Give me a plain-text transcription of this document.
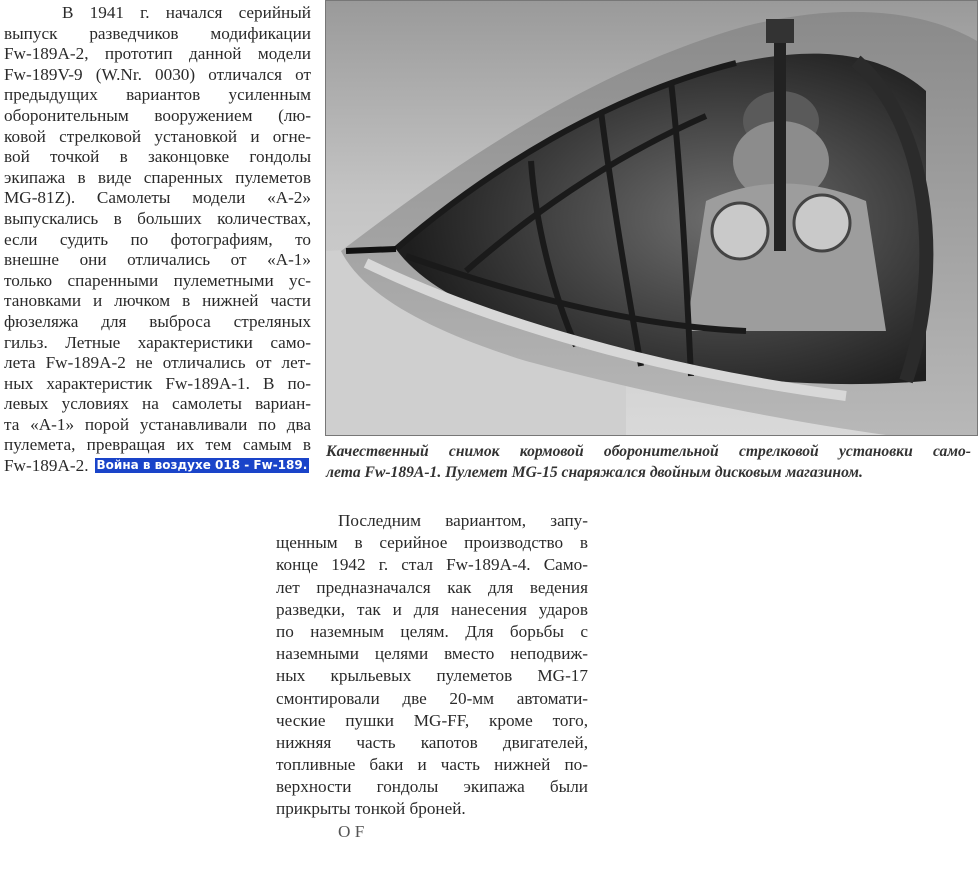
В 1941 г. начался серийный
выпуск разведчиков модификации
Fw-189А-2, прототип данной модели
Fw-189V-9 (W.Nr. 0030) отличался от
предыдущих вариантов усиленным
оборонительным вооружением (лю-
ковой стрелковой установкой и огне-
вой точкой в законцовке гондолы
экипажа в виде спаренных пулеметов
MG-81Z). Самолеты модели «А-2»
выпускались в больших количествах,
если судить по фотографиям, то
внешне они отличались от «А-1»
только спаренными пулеметными ус-
тановками и лючком в нижней части
фюзеляжа для выброса стреляных
гильз. Летные характеристики само-
лета Fw-189А-2 не отличались от лет-
ных характеристик Fw-189А-1. В по-
левых условиях на самолеты вариан-
та «А-1» порой устанавливали по два
пулемета, превращая их тем самым в
Fw-189А-2. Война в воздухе 018 - Fw-189.
Качественный снимок кормовой оборонительной стрелковой установки само-
лета Fw-189А-1. Пулемет MG-15 снаряжался двойным дисковым магазином.
Последним вариантом, запу-
щенным в серийное производство в
конце 1942 г. стал Fw-189А-4. Само-
лет предназначался как для ведения
разведки, так и для нанесения ударов
по наземным целям. Для борьбы с
наземными целями вместо неподвиж-
ных крыльевых пулеметов MG-17
смонтировали две 20-мм автомати-
ческие пушки MG-FF, кроме того,
нижняя часть капотов двигателей,
топливные баки и часть нижней по-
верхности гондолы экипажа были
прикрыты тонкой броней.
О F
